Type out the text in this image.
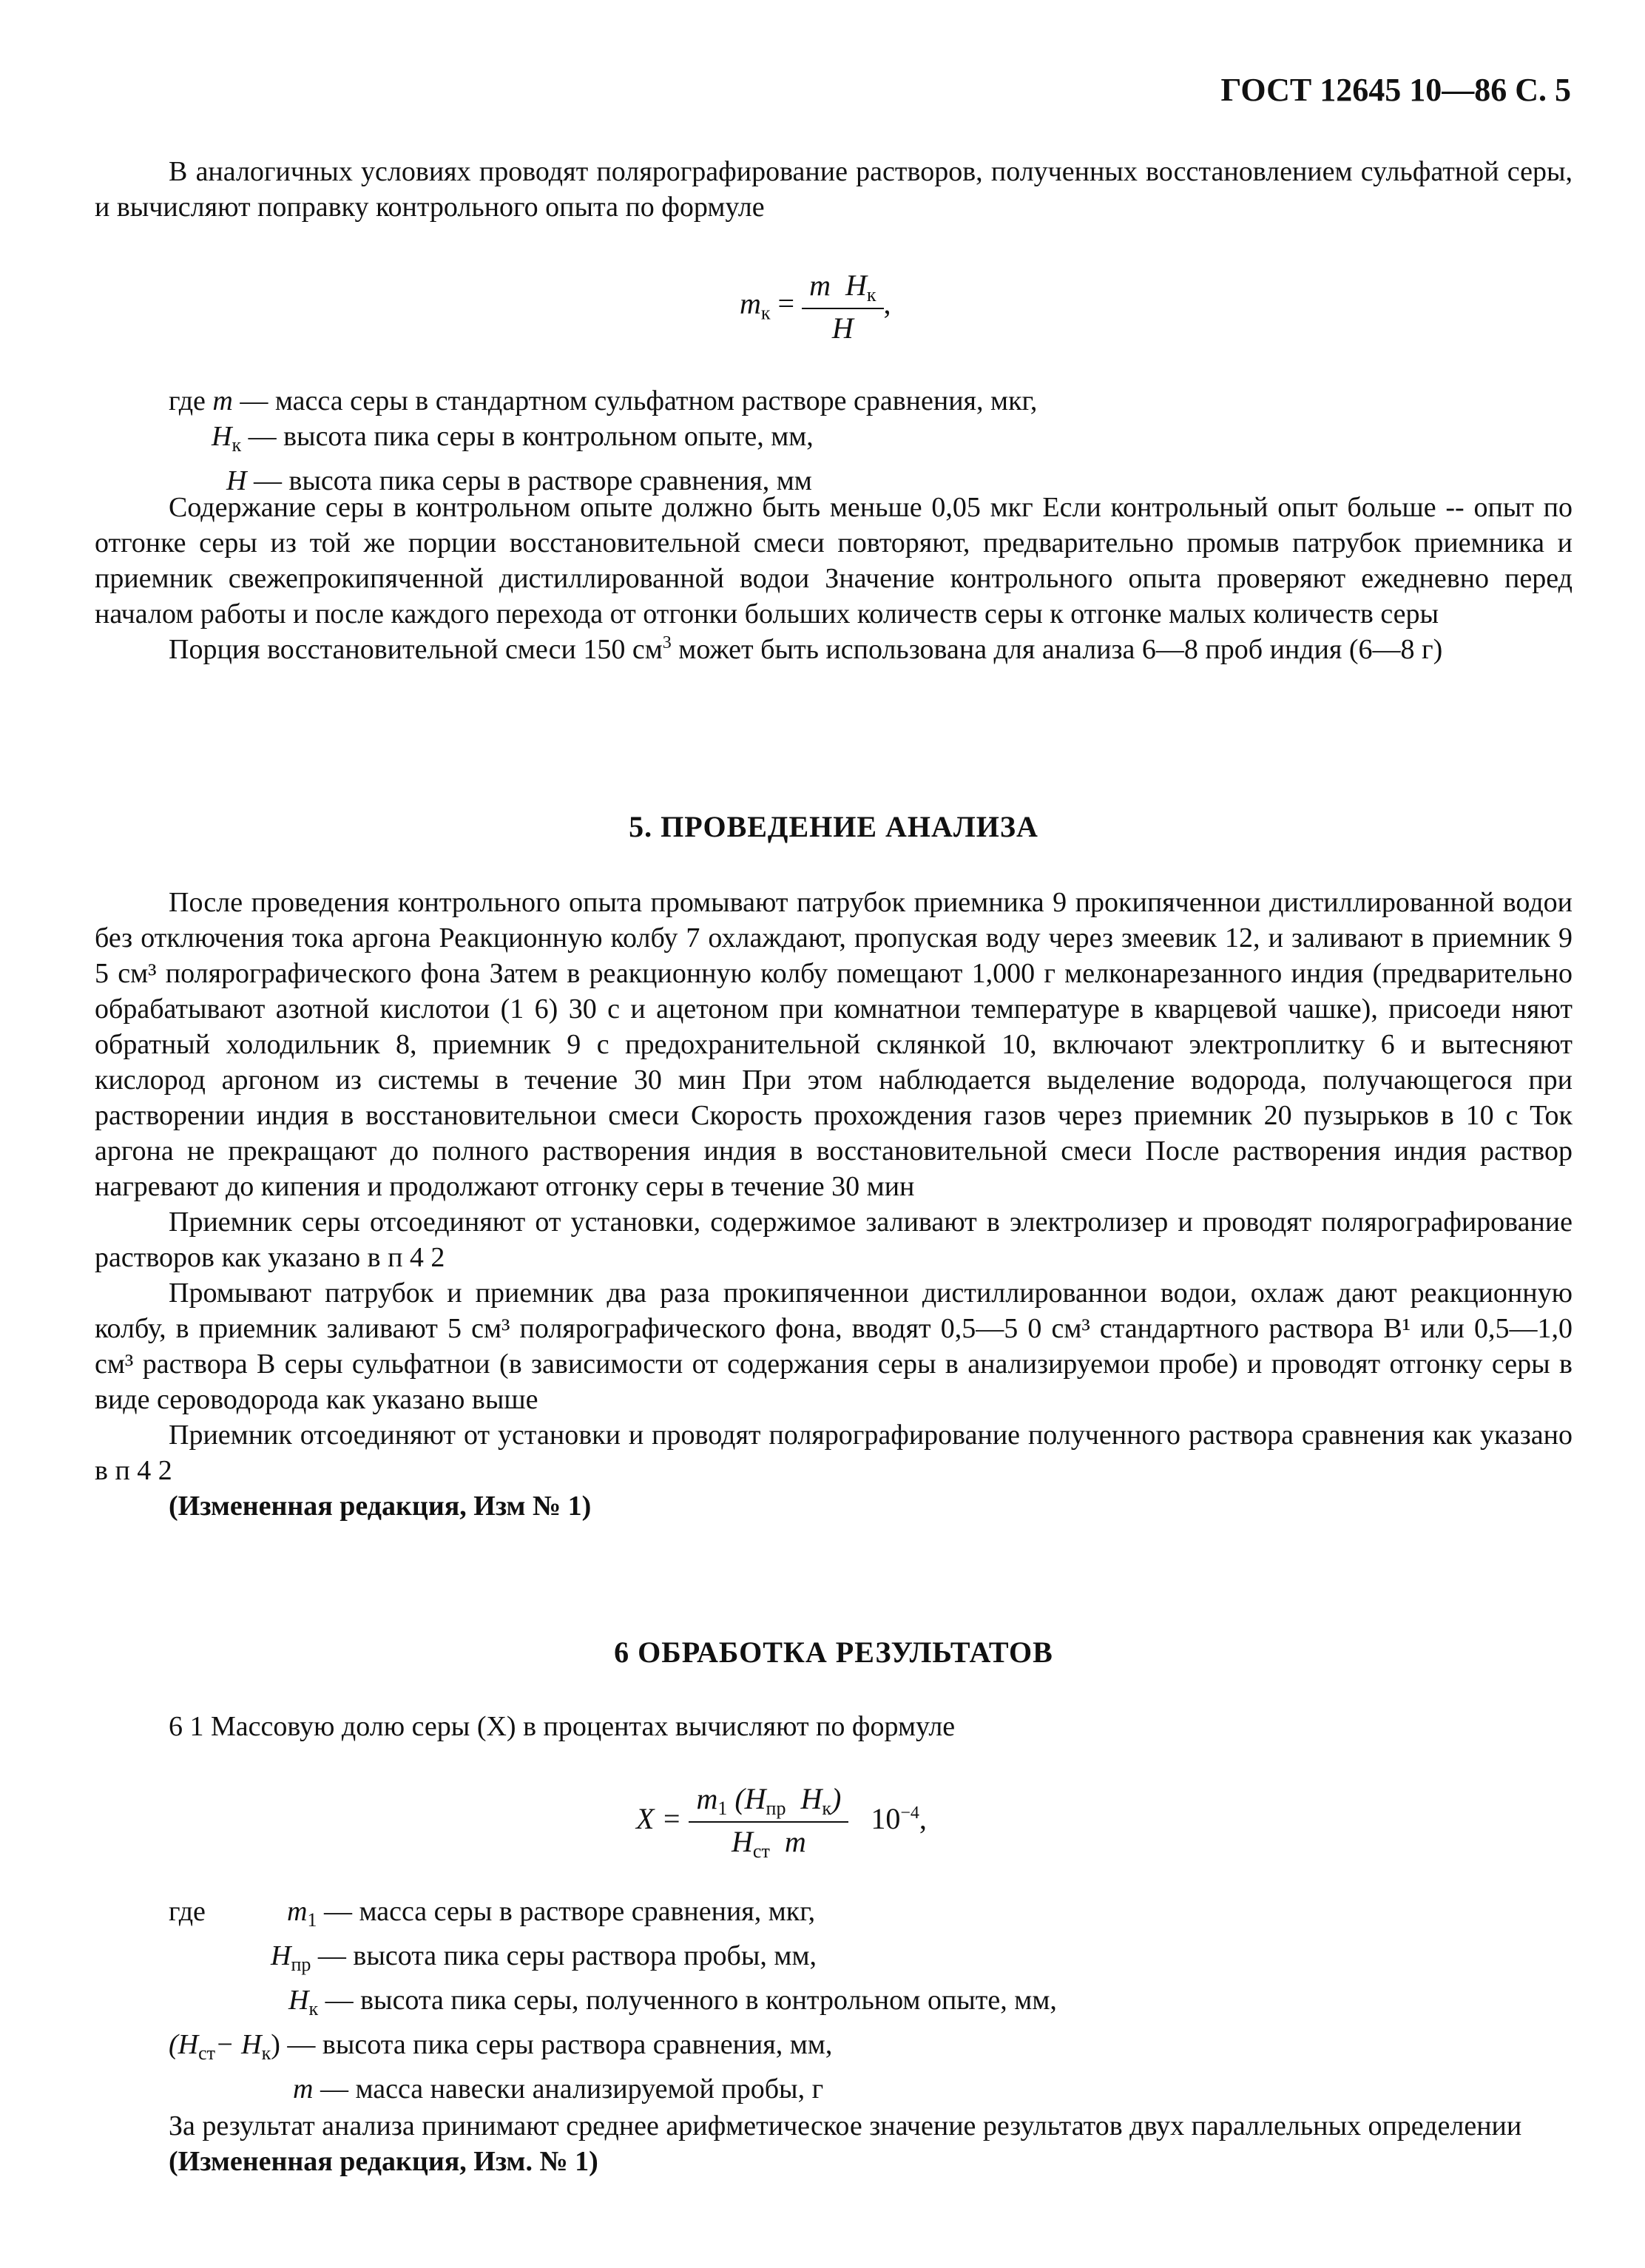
ГОСТ 12645 10—86 С. 5

В аналогичных условиях проводят полярографирование растворов, полученных восстановлением сульфатной серы, и вычисляют поправку контрольного опыта по формуле

$m_к = \frac{m H_к}{H}$ ,
где m — масса серы в стандартном сульфатном растворе сравнения, мкг,
$H_к$ — высота пика серы в контрольном опыте, мм,
H — высота пика серы в растворе сравнения, мм

Содержание серы в контрольном опыте должно быть меньше 0,05 мкг Если контрольный опыт больше -- опыт по отгонке серы из той же порции восстановительной смеси повторяют, предварительно промыв патрубок приемника и приемник свежепрокипяченной дистиллированной водои Значение контрольного опыта проверяют ежедневно перед началом работы и после каждого перехода от отгонки больших количеств серы к отгонке малых количеств серы

Порция восстановительной смеси 150 $см^3$ может быть использована для анализа 6—8 проб индия (6—8 г)

5. ПРОВЕДЕНИЕ АНАЛИЗА

После проведения контрольного опыта промывают патрубок приемника 9 прокипяченнои дистиллированной водои без отключения тока аргона Реакционную колбу 7 охлаждают, пропуская воду через змеевик 12, и заливают в приемник 9 5 см³ полярографического фона Затем в реакционную колбу помещают 1,000 г мелконарезанного индия (предварительно обрабатывают азотной кислотои (1 6) 30 с и ацетоном при комнатнои температуре в кварцевой чашке), присоеди няют обратный холодильник 8, приемник 9 с предохранительной склянкой 10, включают электроплитку 6 и вытесняют кислород аргоном из системы в течение 30 мин При этом наблюдается выделение водорода, получающегося при растворении индия в восстановительнои смеси Скорость прохождения газов через приемник 20 пузырьков в 10 с Ток аргона не прекращают до полного растворения индия в восстановительной смеси После растворения индия раствор нагревают до кипения и продолжают отгонку серы в течение 30 мин

Приемник серы отсоединяют от установки, содержимое заливают в электролизер и проводят полярографирование растворов как указано в п 4 2

Промывают патрубок и приемник два раза прокипяченнои дистиллированнои водои, охлаж дают реакционную колбу, в приемник заливают 5 см³ полярографического фона, вводят 0,5—5 0 см³ стандартного раствора В¹ или 0,5—1,0 см³ раствора В серы сульфатнои (в зависимости от содержания серы в анализируемои пробе) и проводят отгонку серы в виде сероводорода как указано выше

Приемник отсоединяют от установки и проводят полярографирование полученного раствора сравнения как указано в п 4 2

(Измененная редакция, Изм № 1)

6 ОБРАБОТКА РЕЗУЛЬТАТОВ

6 1 Массовую долю серы (X) в процентах вычисляют по формуле

$X = \frac{m_1 (H_{пр} H_к)}{H_{ст} m} 10^{-4}$,
где	$m_1$ — масса серы в растворе сравнения, мкг,
$H_{пр}$ — высота пика серы раствора пробы, мм,
$H_к$ — высота пика серы, полученного в контрольном опыте, мм,
$(H_{ст}- H_к)$ — высота пика серы раствора сравнения, мм,
m — масса навески анализируемой пробы, г

За результат анализа принимают среднее арифметическое значение результатов двух параллельных определении

(Измененная редакция, Изм. № 1)
